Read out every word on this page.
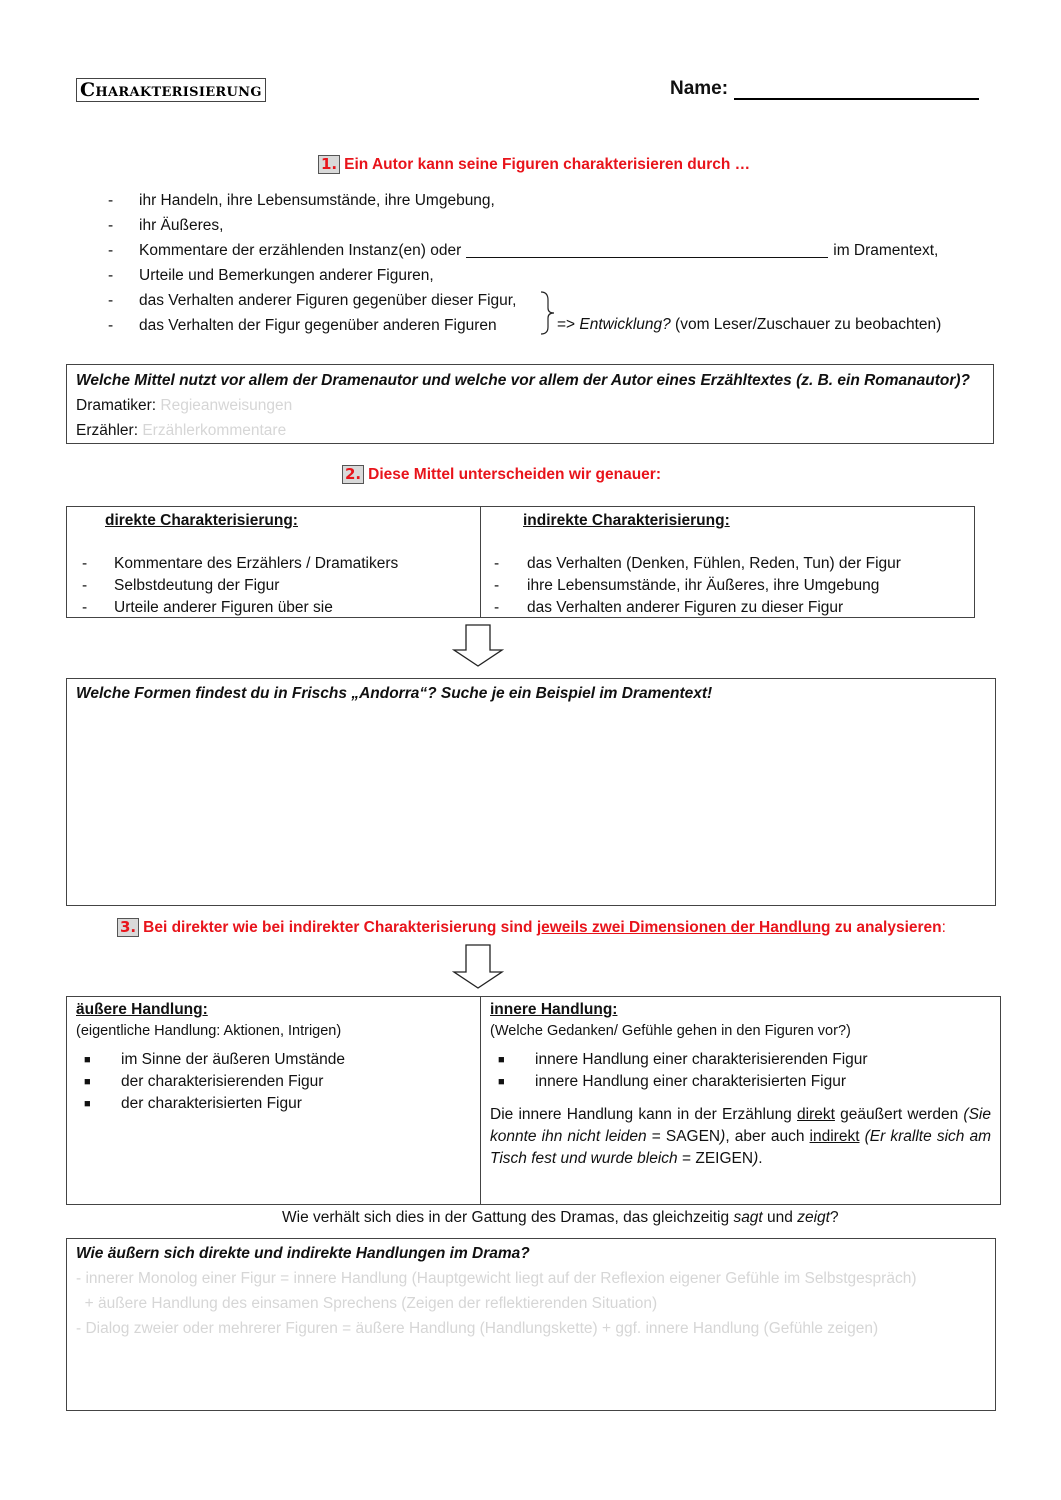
Charakterisierung	Name:
1. Ein Autor kann seine Figuren charakterisieren durch …
-	ihr Handeln, ihre Lebensumstände, ihre Umgebung,
-	ihr Äußeres,
-	Kommentare der erzählenden Instanz(en) oder	im Dramentext,
-	Urteile und Bemerkungen anderer Figuren,
-	das Verhalten anderer Figuren gegenüber dieser Figur,
-	das Verhalten der Figur gegenüber anderen Figuren	=> Entwicklung? (vom Leser/Zuschauer zu beobachten)
Welche Mittel nutzt vor allem der Dramenautor und welche vor allem der Autor eines Erzähltextes (z. B. ein Romanautor)?
Dramatiker: Regieanweisungen
Erzähler: Erzählerkommentare
2. Diese Mittel unterscheiden wir genauer:
direkte Charakterisierung:
-	Kommentare des Erzählers / Dramatikers
-	Selbstdeutung der Figur
-	Urteile anderer Figuren über sie
indirekte Charakterisierung:
-	das Verhalten (Denken, Fühlen, Reden, Tun) der Figur
-	ihre Lebensumstände, ihr Äußeres, ihre Umgebung
-	das Verhalten anderer Figuren zu dieser Figur
Welche Formen findest du in Frischs „Andorra“? Suche je ein Beispiel im Dramentext!
3. Bei direkter wie bei indirekter Charakterisierung sind jeweils zwei Dimensionen der Handlung zu analysieren:
äußere Handlung:
(eigentliche Handlung: Aktionen, Intrigen)
■	im Sinne der äußeren Umstände
■	der charakterisierenden Figur
■	der charakterisierten Figur
innere Handlung:
(Welche Gedanken/ Gefühle gehen in den Figuren vor?)
■	innere Handlung einer charakterisierenden Figur
■	innere Handlung einer charakterisierten Figur
Die innere Handlung kann in der Erzählung direkt geäußert werden (Sie konnte ihn nicht leiden = SAGEN), aber auch indirekt (Er krallte sich am Tisch fest und wurde bleich = ZEIGEN).
Wie verhält sich dies in der Gattung des Dramas, das gleichzeitig sagt und zeigt?
Wie äußern sich direkte und indirekte Handlungen im Drama?
- innerer Monolog einer Figur = innere Handlung (Hauptgewicht liegt auf der Reflexion eigener Gefühle im Selbstgespräch)
+ äußere Handlung des einsamen Sprechens (Zeigen der reflektierenden Situation)
- Dialog zweier oder mehrerer Figuren = äußere Handlung (Handlungskette) + ggf. innere Handlung (Gefühle zeigen)
